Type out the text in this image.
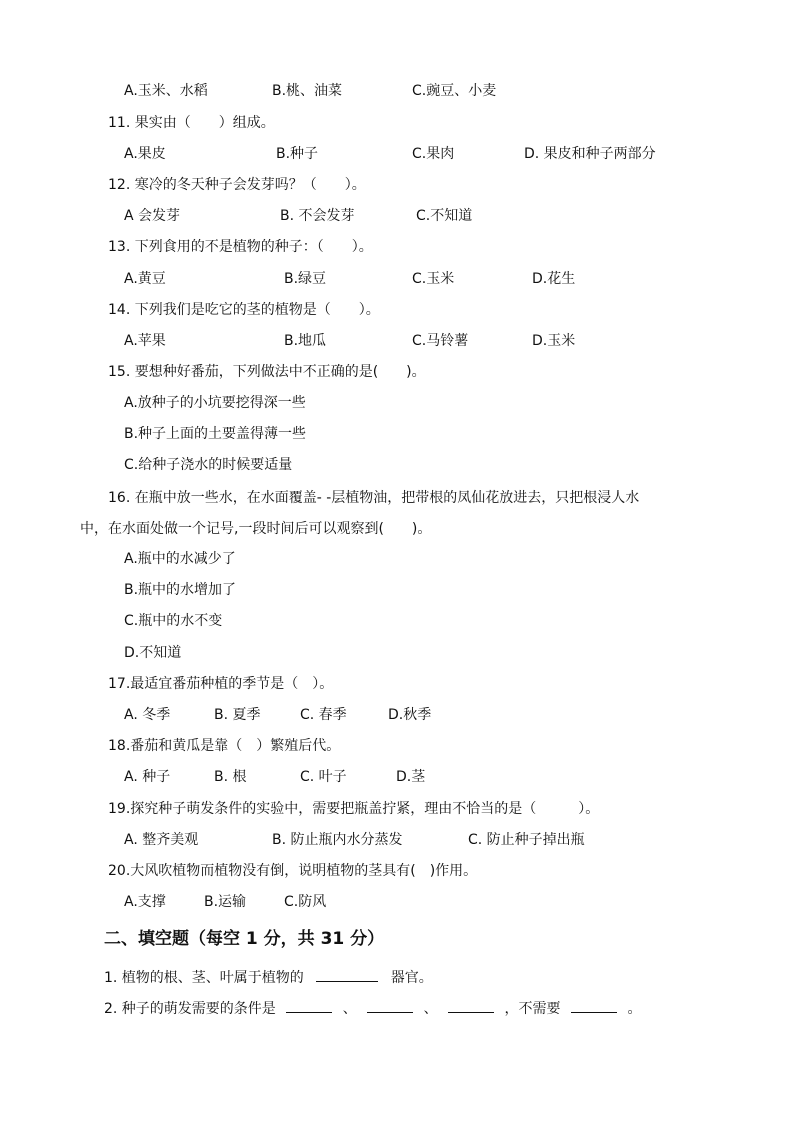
A.玉米、水稻	B.桃、油菜	C.豌豆、小麦
11. 果实由（　　）组成。
A.果皮	B.种子	C.果肉	D. 果皮和种子两部分
12. 寒冷的冬天种子会发芽吗？（　　）。
A 会发芽	B. 不会发芽	C.不知道
13. 下列食用的不是植物的种子：（　　）。
A.黄豆	B.绿豆	C.玉米	D.花生
14. 下列我们是吃它的茎的植物是（　　）。
A.苹果	B.地瓜	C.马铃薯	D.玉米
15. 要想种好番茄，下列做法中不正确的是(　　)。
A.放种子的小坑要挖得深一些
B.种子上面的土要盖得薄一些
C.给种子浇水的时候要适量
16. 在瓶中放一些水，在水面覆盖- -层植物油，把带根的凤仙花放进去，只把根浸人水
中，在水面处做一个记号,一段时间后可以观察到(　　)。
A.瓶中的水减少了
B.瓶中的水增加了
C.瓶中的水不变
D.不知道
17.最适宜番茄种植的季节是（　）。
A. 冬季	B. 夏季	C. 春季	D.秋季
18.番茄和黄瓜是靠（　）繁殖后代。
A. 种子	B. 根	C. 叶子	D.茎
19.探究种子萌发条件的实验中，需要把瓶盖拧紧，理由不恰当的是（　　　）。
A. 整齐美观	B. 防止瓶内水分蒸发	C. 防止种子掉出瓶
20.大风吹植物而植物没有倒，说明植物的茎具有(　)作用。
A.支撑	B.运输	C.防风
二、填空题（每空 1 分，共 31 分）
1. 植物的根、茎、叶属于植物的	器官。
2. 种子的萌发需要的条件是	、	、	，不需要	。
